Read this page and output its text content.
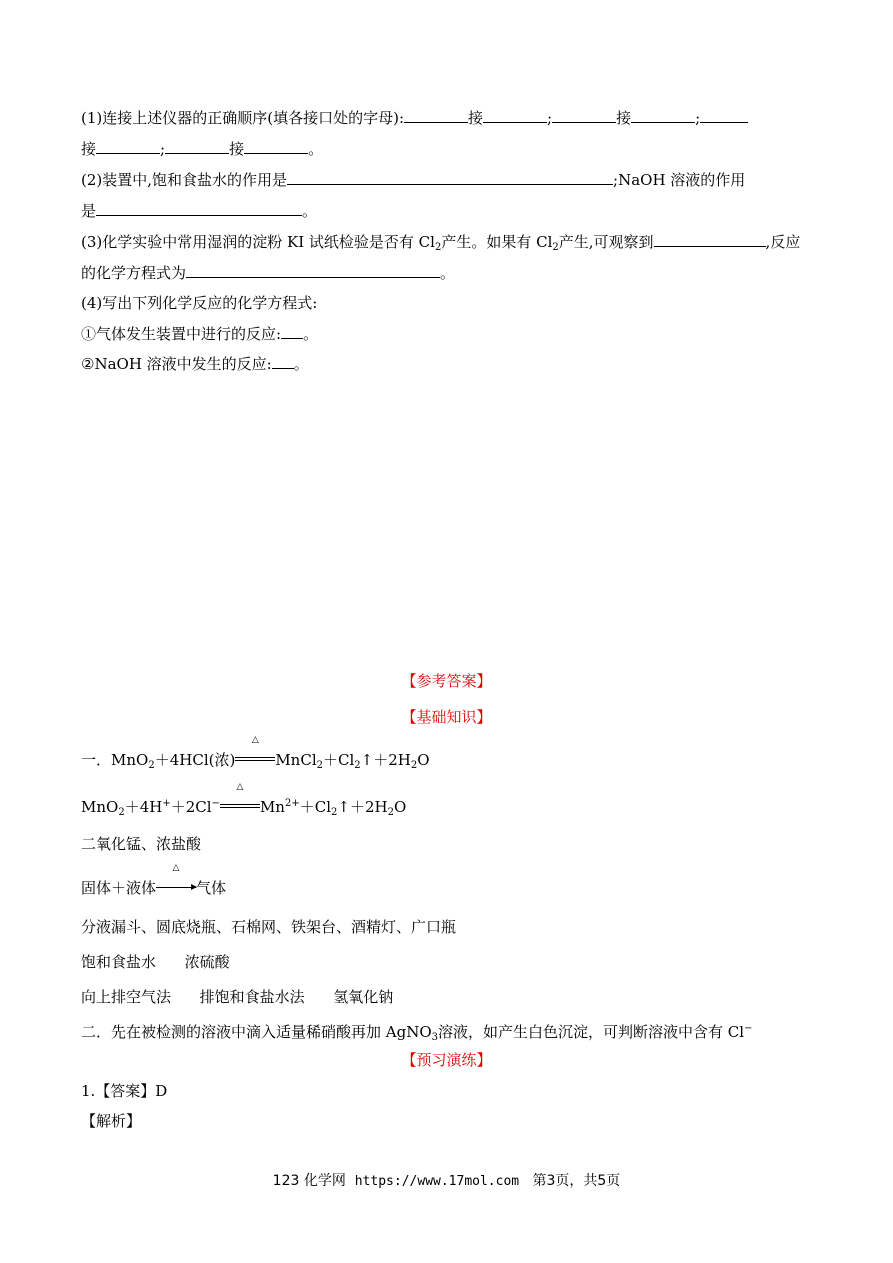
(1)连接上述仪器的正确顺序(填各接口处的字母):	接	;	接	;
接	;	接	。
(2)装置中,饱和食盐水的作用是	;NaOH 溶液的作用
是	。
(3)化学实验中常用湿润的淀粉 KI 试纸检验是否有 $Cl_2$产生。如果有 $Cl_2$产生,可观察到	,反应
的化学方程式为	。
(4)写出下列化学反应的化学方程式:
①气体发生装置中进行的反应: 。
②NaOH 溶液中发生的反应: 。
【参考答案】
【基础知识】
一．MnO$_2$＋4HCl(浓)
△
$MnCl_2+Cl_2↑+2H_2O$
MnO$_2$＋4H+＋2Cl−
△
$Mn^{2+}+Cl_2↑+2H_2O$
二氧化锰、浓盐酸
固体＋液体
△
气体
分液漏斗、圆底烧瓶、石棉网、铁架台、酒精灯、广口瓶
饱和食盐水      浓硫酸
向上排空气法      排饱和食盐水法      氢氧化钠
二．先在被检测的溶液中滴入适量稀硝酸再加 AgNO$_3$溶液，如产生白色沉淀，可判断溶液中含有 Cl−
【预习演练】
1.【答案】D
【解析】
123 化学网 https://www.17mol.com 第3页，共5页
